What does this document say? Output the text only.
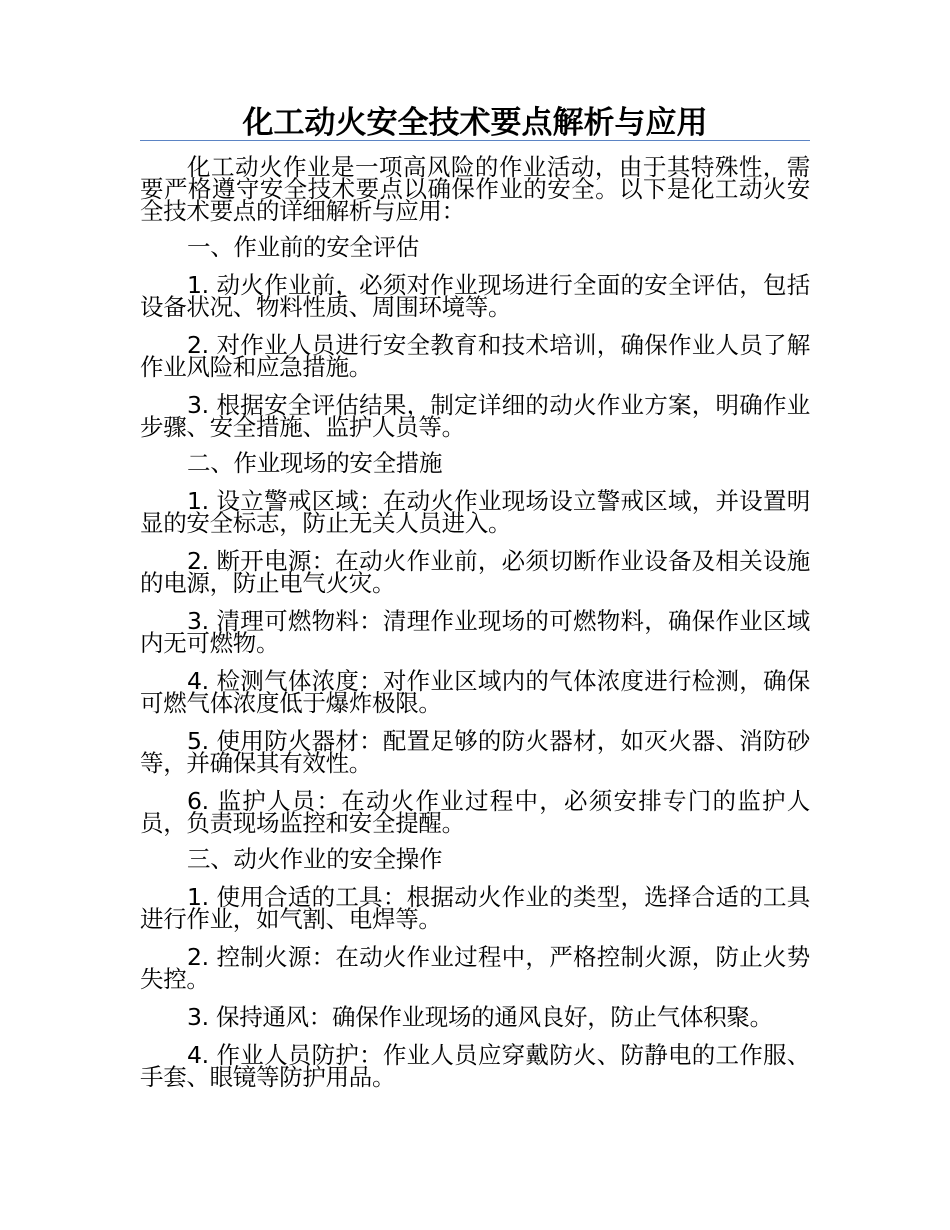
化工动火安全技术要点解析与应用

化工动火作业是一项高风险的作业活动，由于其特殊性，需要严格遵守安全技术要点以确保作业的安全。以下是化工动火安全技术要点的详细解析与应用：

一、作业前的安全评估

1. 动火作业前，必须对作业现场进行全面的安全评估，包括设备状况、物料性质、周围环境等。

2. 对作业人员进行安全教育和技术培训，确保作业人员了解作业风险和应急措施。

3. 根据安全评估结果，制定详细的动火作业方案，明确作业步骤、安全措施、监护人员等。

二、作业现场的安全措施

1. 设立警戒区域：在动火作业现场设立警戒区域，并设置明显的安全标志，防止无关人员进入。

2. 断开电源：在动火作业前，必须切断作业设备及相关设施的电源，防止电气火灾。

3. 清理可燃物料：清理作业现场的可燃物料，确保作业区域内无可燃物。

4. 检测气体浓度：对作业区域内的气体浓度进行检测，确保可燃气体浓度低于爆炸极限。

5. 使用防火器材：配置足够的防火器材，如灭火器、消防砂等，并确保其有效性。

6. 监护人员：在动火作业过程中，必须安排专门的监护人员，负责现场监控和安全提醒。

三、动火作业的安全操作

1. 使用合适的工具：根据动火作业的类型，选择合适的工具进行作业，如气割、电焊等。

2. 控制火源：在动火作业过程中，严格控制火源，防止火势失控。

3. 保持通风：确保作业现场的通风良好，防止气体积聚。

4. 作业人员防护：作业人员应穿戴防火、防静电的工作服、手套、眼镜等防护用品。
